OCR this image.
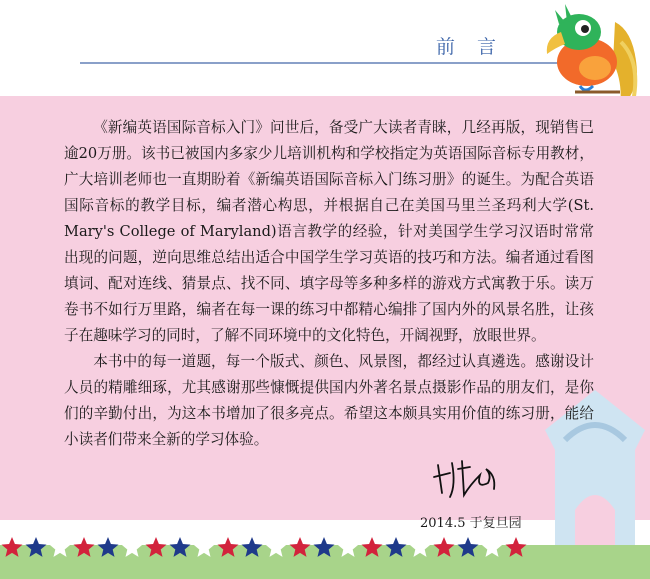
前 言

《新编英语国际音标入门》问世后，备受广大读者青睐，几经再版，现销售已逾20万册。该书已被国内多家少儿培训机构和学校指定为英语国际音标专用教材，广大培训老师也一直期盼着《新编英语国际音标入门练习册》的诞生。为配合英语国际音标的教学目标，编者潜心构思，并根据自己在美国马里兰圣玛利大学(St. Mary's College of Maryland)语言教学的经验，针对美国学生学习汉语时常常出现的问题，逆向思维总结出适合中国学生学习英语的技巧和方法。编者通过看图填词、配对连线、猜景点、找不同、填字母等多种多样的游戏方式寓教于乐。读万卷书不如行万里路，编者在每一课的练习中都精心编排了国内外的风景名胜，让孩子在趣味学习的同时，了解不同环境中的文化特色，开阔视野，放眼世界。

本书中的每一道题，每一个版式、颜色、风景图，都经过认真遴选。感谢设计人员的精雕细琢，尤其感谢那些慷慨提供国内外著名景点摄影作品的朋友们，是你们的辛勤付出，为这本书增加了很多亮点。希望这本颇具实用价值的练习册，能给小读者们带来全新的学习体验。

2014.5 于复旦园
